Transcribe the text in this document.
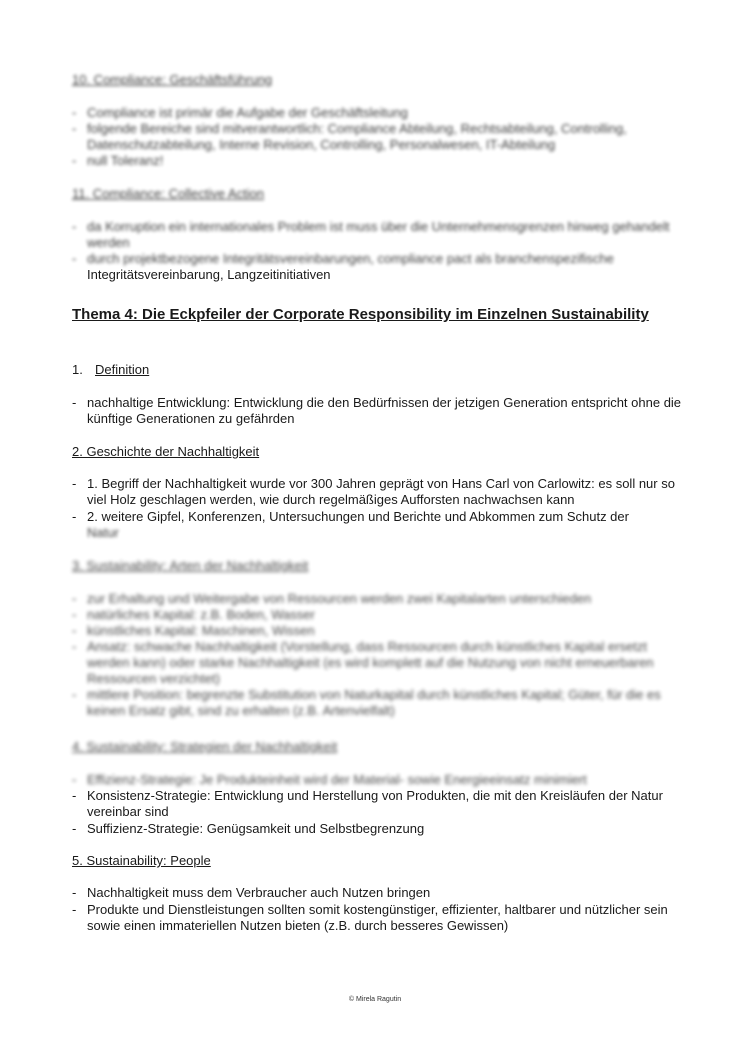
10. Compliance: Geschäftsführung
- Compliance ist primär die Aufgabe der Geschäftsleitung
- folgende Bereiche sind mitverantwortlich: Compliance Abteilung, Rechtsabteilung, Controlling, Datenschutzabteilung, Interne Revision, Controlling, Personalwesen, IT-Abteilung
- null Toleranz!
11. Compliance: Collective Action
- da Korruption ein internationales Problem ist muss über die Unternehmensgrenzen hinweg gehandelt werden
- durch projektbezogene Integritätsvereinbarungen, compliance pact als branchenspezifische
Integritätsvereinbarung, Langzeitinitiativen
Thema 4: Die Eckpfeiler der Corporate Responsibility im Einzelnen Sustainability
1. Definition
- nachhaltige Entwicklung: Entwicklung die den Bedürfnissen der jetzigen Generation entspricht ohne die künftige Generationen zu gefährden
2. Geschichte der Nachhaltigkeit
- 1. Begriff der Nachhaltigkeit wurde vor 300 Jahren geprägt von Hans Carl von Carlowitz: es soll nur so viel Holz geschlagen werden, wie durch regelmäßiges Aufforsten nachwachsen kann
- 2. weitere Gipfel, Konferenzen, Untersuchungen und Berichte und Abkommen zum Schutz der
Natur
3. Sustainability: Arten der Nachhaltigkeit
- zur Erhaltung und Weitergabe von Ressourcen werden zwei Kapitalarten unterschieden
- natürliches Kapital: z.B. Boden, Wasser
- künstliches Kapital: Maschinen, Wissen
- Ansatz: schwache Nachhaltigkeit (Vorstellung, dass Ressourcen durch künstliches Kapital ersetzt werden kann) oder starke Nachhaltigkeit (es wird komplett auf die Nutzung von nicht erneuerbaren Ressourcen verzichtet)
- mittlere Position: begrenzte Substitution von Naturkapital durch künstliches Kapital; Güter, für die es keinen Ersatz gibt, sind zu erhalten (z.B. Artenvielfalt)
4. Sustainability: Strategien der Nachhaltigkeit
- Effizienz-Strategie: Je Produkteinheit wird der Material- sowie Energieeinsatz minimiert
- Konsistenz-Strategie: Entwicklung und Herstellung von Produkten, die mit den Kreisläufen der Natur vereinbar sind
- Suffizienz-Strategie: Genügsamkeit und Selbstbegrenzung
5. Sustainability: People
- Nachhaltigkeit muss dem Verbraucher auch Nutzen bringen
- Produkte und Dienstleistungen sollten somit kostengünstiger, effizienter, haltbarer und nützlicher sein sowie einen immateriellen Nutzen bieten (z.B. durch besseres Gewissen)
© Mirela Ragutin
